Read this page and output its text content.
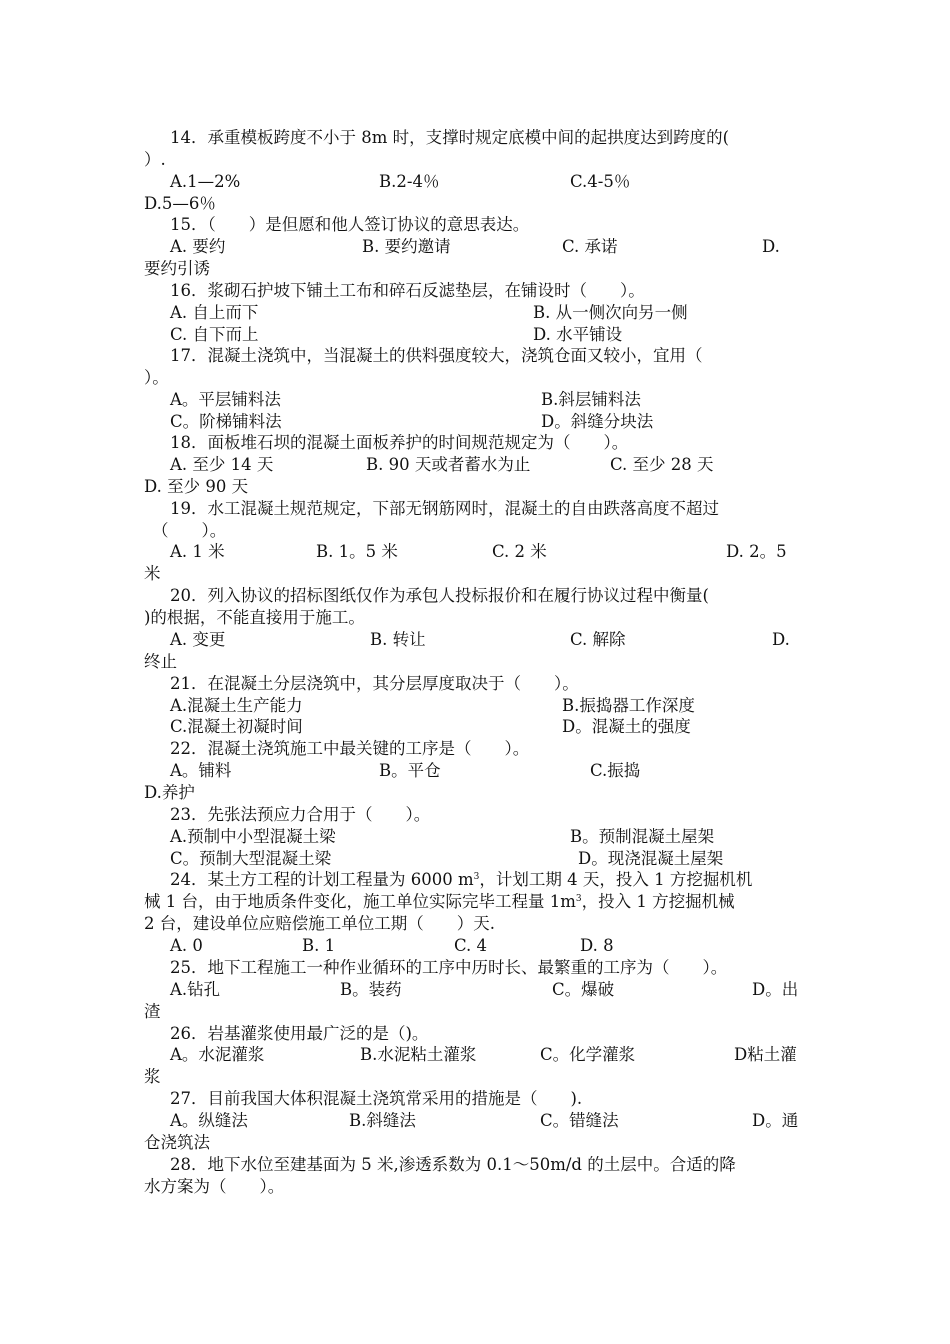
14．承重模板跨度不小于 8m 时，支撑时规定底模中间的起拱度达到跨度的(
）.

A.1—2%

	B.2-4％

	C.4-5％

D.5—6％
15．（　　）是但愿和他人签订协议的意思表达。

A. 要约

	B. 要约邀请

	C. 承诺

	D.

要约引诱
16．浆砌石护坡下铺土工布和碎石反滤垫层，在铺设时（　　）。

A. 自上而下

	B. 从一侧次向另一侧

C. 自下而上

	D. 水平铺设

17．混凝土浇筑中，当混凝土的供料强度较大，浇筑仓面又较小，宜用（
）。

A。平层铺料法

	B.斜层铺料法

C。阶梯铺料法

	D。斜缝分块法

18．面板堆石坝的混凝土面板养护的时间规范规定为（　　）。

A. 至少 14 天

	B. 90 天或者蓄水为止

	C. 至少 28 天

D. 至少 90 天
19．水工混凝土规范规定，下部无钢筋网时，混凝土的自由跌落高度不超过
（　　）。

A. 1 米

	B. 1。5 米

	C. 2 米

	D. 2。5

米
20．列入协议的招标图纸仅作为承包人投标报价和在履行协议过程中衡量(
)的根据，不能直接用于施工。

A. 变更

	B. 转让

	C. 解除

	D.

终止
21．在混凝土分层浇筑中，其分层厚度取决于（　　）。

A.混凝土生产能力

	B.振捣器工作深度

C.混凝土初凝时间

	D。混凝土的强度

22．混凝土浇筑施工中最关键的工序是（　　）。

A。铺料

	B。平仓

	C.振捣

D.养护
23．先张法预应力合用于（　　）。

A.预制中小型混凝土梁

	B。预制混凝土屋架

C。预制大型混凝土梁

	D。现浇混凝土屋架

24．某土方工程的计划工程量为 6000 $m^3$，计划工期 4 天，投入 1 方挖掘机机
械 1 台，由于地质条件变化，施工单位实际完毕工程量 $1m^3$，投入 1 方挖掘机械
2 台，建设单位应赔偿施工单位工期（　　）天.

A. 0

	B. 1

	C. 4

	D. 8

25．地下工程施工一种作业循环的工序中历时长、最繁重的工序为（　　）。

A.钻孔

	B。装药

	C。爆破

	D。出

渣
26．岩基灌浆使用最广泛的是（)。

A。水泥灌浆

	B.水泥粘土灌浆

	C。化学灌浆

	D粘土灌

浆
27．目前我国大体积混凝土浇筑常采用的措施是（　　).

A。纵缝法

	B.斜缝法

	C。错缝法

	D。通

仓浇筑法
28．地下水位至建基面为 5 米,渗透系数为 0.1～50m/d 的土层中。合适的降
水方案为（　　）。
